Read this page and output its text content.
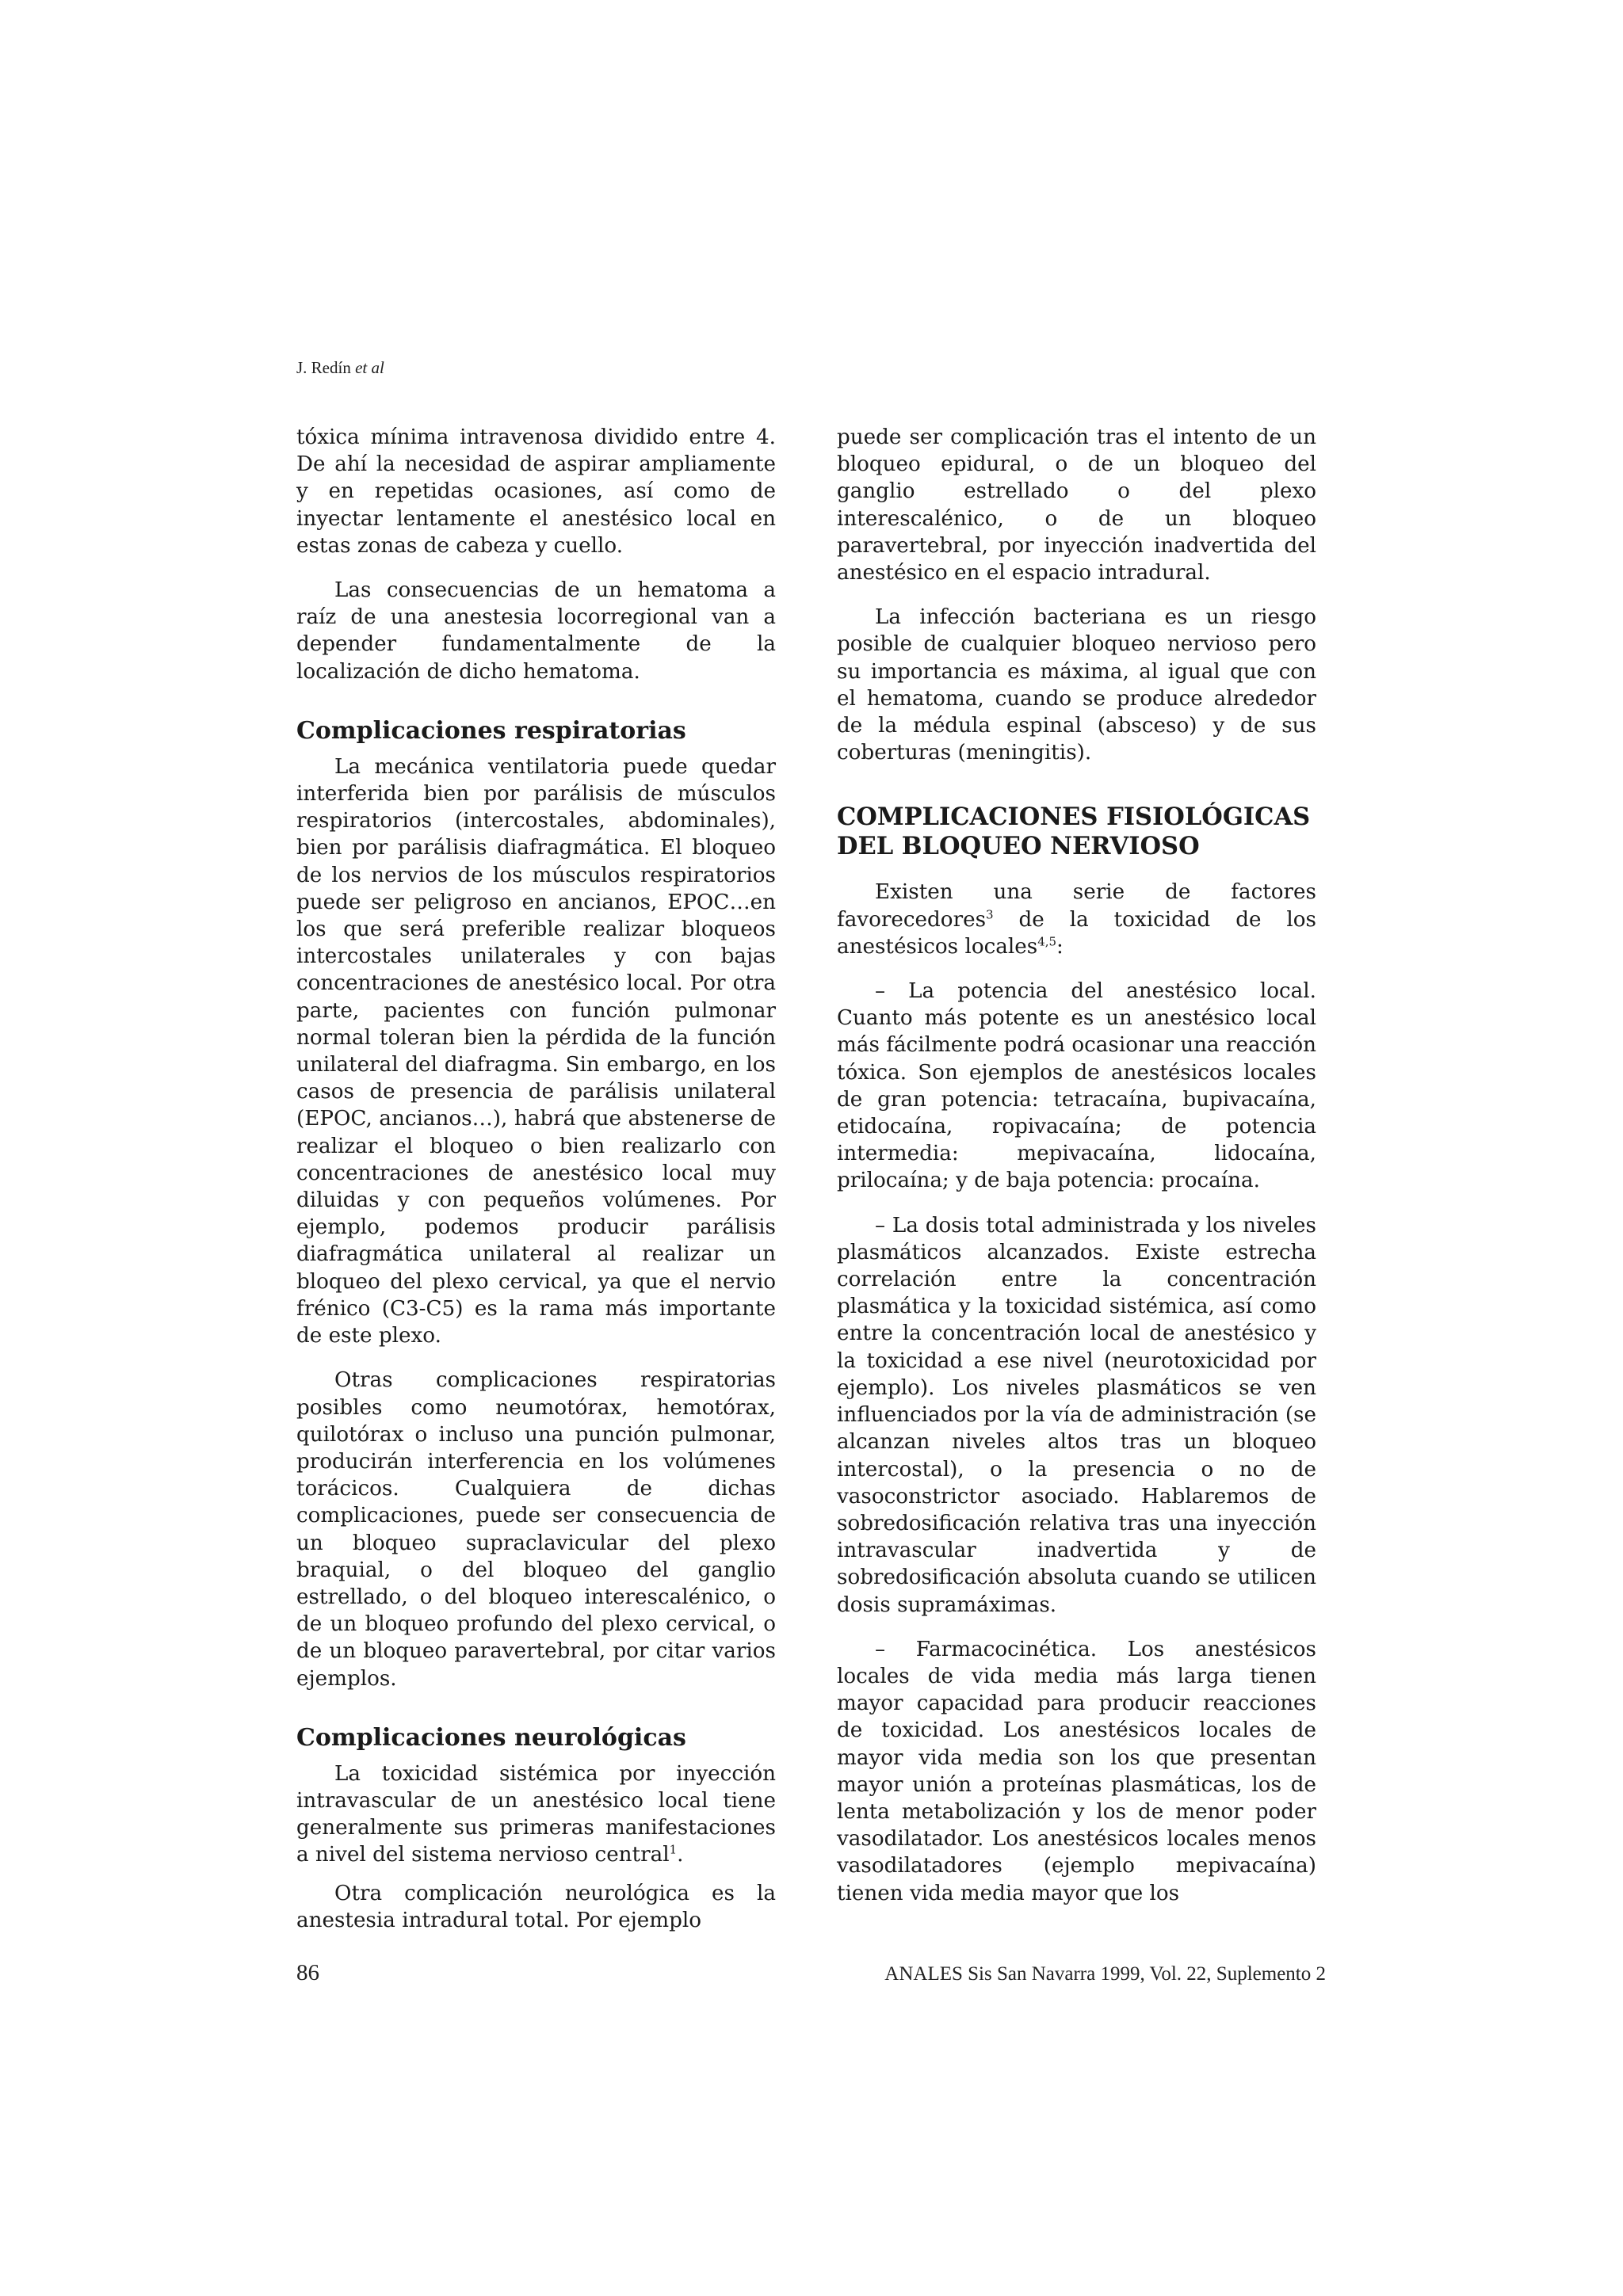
J. Redín et al

tóxica mínima intravenosa dividido entre 4. De ahí la necesidad de aspirar ampliamente y en repetidas ocasiones, así como de inyectar lentamente el anestésico local en estas zonas de cabeza y cuello.

Las consecuencias de un hematoma a raíz de una anestesia locorregional van a depender fundamentalmente de la localización de dicho hematoma.

Complicaciones respiratorias

La mecánica ventilatoria puede quedar interferida bien por parálisis de músculos respiratorios (intercostales, abdominales), bien por parálisis diafragmática. El bloqueo de los nervios de los músculos respiratorios puede ser peligroso en ancianos, EPOC…en los que será preferible realizar bloqueos intercostales unilaterales y con bajas concentraciones de anestésico local. Por otra parte, pacientes con función pulmonar normal toleran bien la pérdida de la función unilateral del diafragma. Sin embargo, en los casos de presencia de parálisis unilateral (EPOC, ancianos…), habrá que abstenerse de realizar el bloqueo o bien realizarlo con concentraciones de anestésico local muy diluidas y con pequeños volúmenes. Por ejemplo, podemos producir parálisis diafragmática unilateral al realizar un bloqueo del plexo cervical, ya que el nervio frénico (C3-C5) es la rama más importante de este plexo.

Otras complicaciones respiratorias posibles como neumotórax, hemotórax, quilotórax o incluso una punción pulmonar, producirán interferencia en los volúmenes torácicos. Cualquiera de dichas complicaciones, puede ser consecuencia de un bloqueo supraclavicular del plexo braquial, o del bloqueo del ganglio estrellado, o del bloqueo interescalénico, o de un bloqueo profundo del plexo cervical, o de un bloqueo paravertebral, por citar varios ejemplos.

Complicaciones neurológicas

La toxicidad sistémica por inyección intravascular de un anestésico local tiene generalmente sus primeras manifestaciones a nivel del sistema nervioso central$^1$.

Otra complicación neurológica es la anestesia intradural total. Por ejemplo

puede ser complicación tras el intento de un bloqueo epidural, o de un bloqueo del ganglio estrellado o del plexo interescalénico, o de un bloqueo paravertebral, por inyección inadvertida del anestésico en el espacio intradural.

La infección bacteriana es un riesgo posible de cualquier bloqueo nervioso pero su importancia es máxima, al igual que con el hematoma, cuando se produce alrededor de la médula espinal (absceso) y de sus coberturas (meningitis).

COMPLICACIONES FISIOLÓGICAS
DEL BLOQUEO NERVIOSO

Existen una serie de factores favorecedores$^3$ de la toxicidad de los anestésicos locales$^{4,5}$:

– La potencia del anestésico local. Cuanto más potente es un anestésico local más fácilmente podrá ocasionar una reacción tóxica. Son ejemplos de anestésicos locales de gran potencia: tetracaína, bupivacaína, etidocaína, ropivacaína; de potencia intermedia: mepivacaína, lidocaína, prilocaína; y de baja potencia: procaína.

– La dosis total administrada y los niveles plasmáticos alcanzados. Existe estrecha correlación entre la concentración plasmática y la toxicidad sistémica, así como entre la concentración local de anestésico y la toxicidad a ese nivel (neurotoxicidad por ejemplo). Los niveles plasmáticos se ven influenciados por la vía de administración (se alcanzan niveles altos tras un bloqueo intercostal), o la presencia o no de vasoconstrictor asociado. Hablaremos de sobredosificación relativa tras una inyección intravascular inadvertida y de sobredosificación absoluta cuando se utilicen dosis supramáximas.

– Farmacocinética. Los anestésicos locales de vida media más larga tienen mayor capacidad para producir reacciones de toxicidad. Los anestésicos locales de mayor vida media son los que presentan mayor unión a proteínas plasmáticas, los de lenta metabolización y los de menor poder vasodilatador. Los anestésicos locales menos vasodilatadores (ejemplo mepivacaína) tienen vida media mayor que los

86	ANALES Sis San Navarra 1999, Vol. 22, Suplemento 2
